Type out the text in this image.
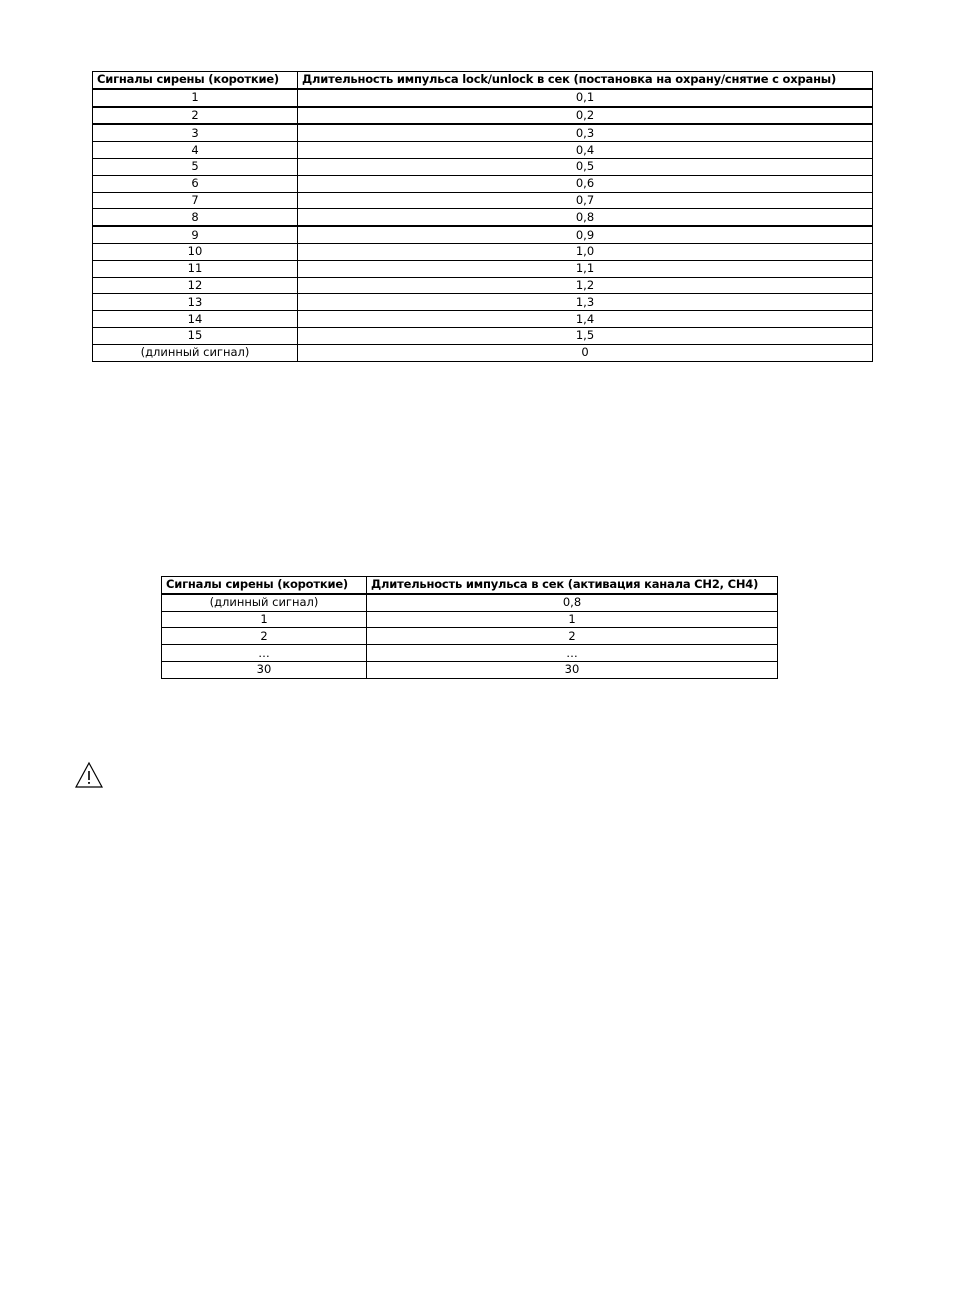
Сигналы сирены (короткие)	Длительность импульса lock/unlock в сек (постановка на охрану/снятие с охраны)
1	0,1
2	0,2
3	0,3
4	0,4
5	0,5
6	0,6
7	0,7
8	0,8
9	0,9
10	1,0
11	1,1
12	1,2
13	1,3
14	1,4
15	1,5
(длинный сигнал)	0
Сигналы сирены (короткие)	Длительность импульса в сек (активация канала CH2, CH4)
(длинный сигнал)	0,8
1	1
2	2
…	…
30	30
